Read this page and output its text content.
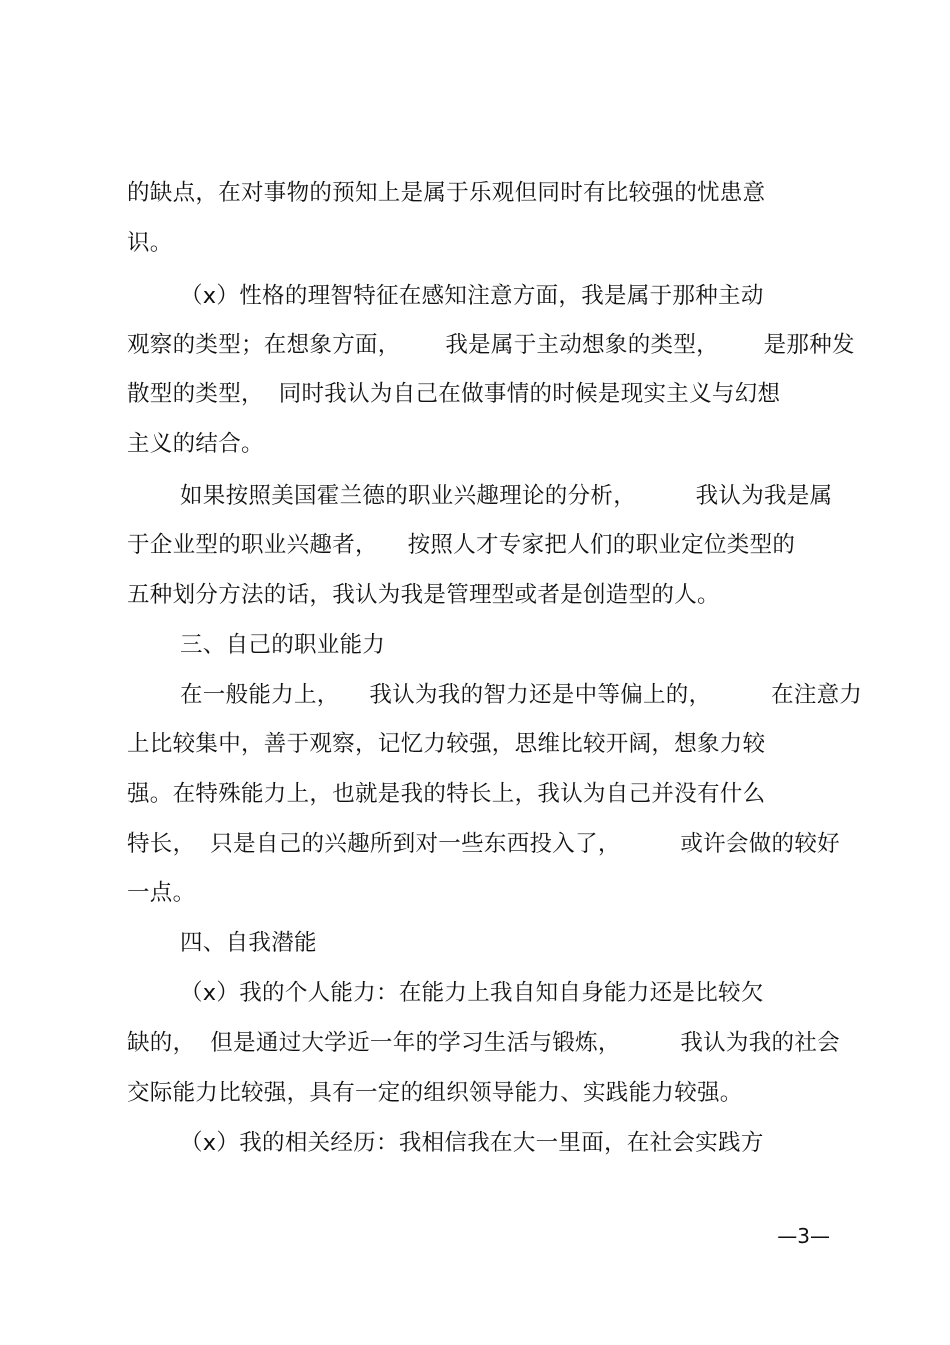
的缺点，在对事物的预知上是属于乐观但同时有比较强的忧患意
识。
（x）性格的理智特征在感知注意方面，我是属于那种主动
观察的类型；在想象方面，      我是属于主动想象的类型，      是那种发
散型的类型，  同时我认为自己在做事情的时候是现实主义与幻想
主义的结合。
如果按照美国霍兰德的职业兴趣理论的分析，        我认为我是属
于企业型的职业兴趣者，    按照人才专家把人们的职业定位类型的
五种划分方法的话，我认为我是管理型或者是创造型的人。
三、自己的职业能力
在一般能力上，    我认为我的智力还是中等偏上的，        在注意力
上比较集中，善于观察，记忆力较强，思维比较开阔，想象力较
强。在特殊能力上，也就是我的特长上，我认为自己并没有什么
特长，  只是自己的兴趣所到对一些东西投入了，        或许会做的较好
一点。
四、自我潜能
（x）我的个人能力：在能力上我自知自身能力还是比较欠
缺的，  但是通过大学近一年的学习生活与锻炼，        我认为我的社会
交际能力比较强，具有一定的组织领导能力、实践能力较强。
（x）我的相关经历：我相信我在大一里面，在社会实践方
—3—
